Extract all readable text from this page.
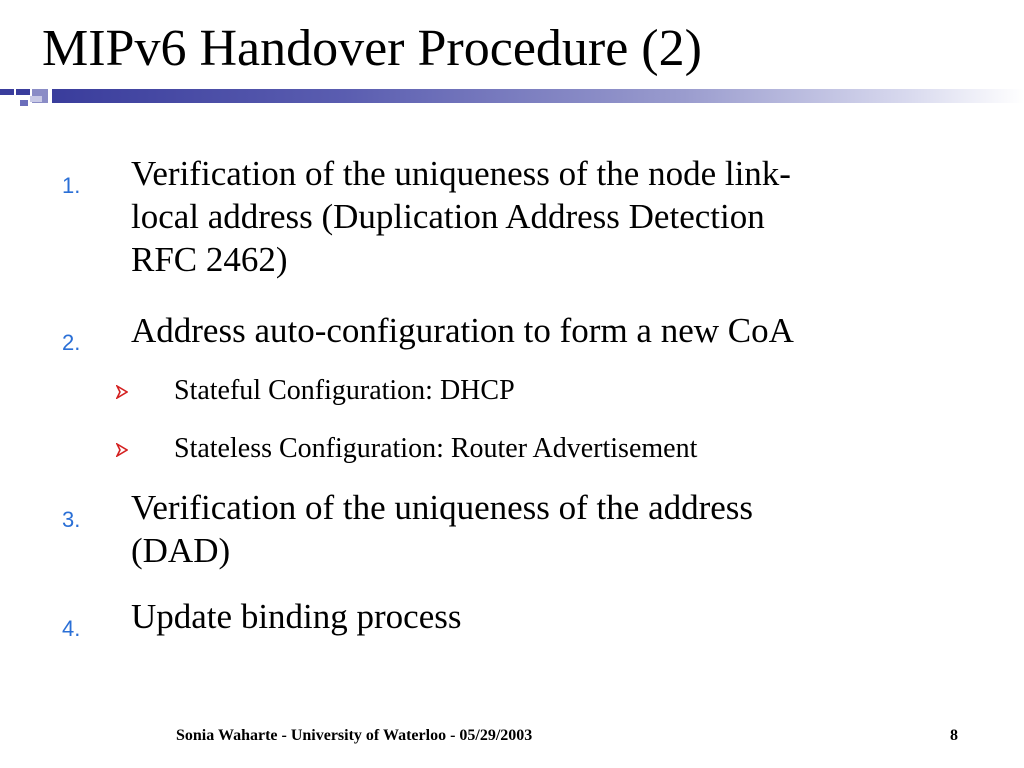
MIPv6 Handover Procedure (2)
1. Verification of the uniqueness of the node link-
local address (Duplication Address Detection
RFC 2462)
2. Address auto-configuration to form a new CoA
Stateful Configuration: DHCP
Stateless Configuration: Router Advertisement
3. Verification of the uniqueness of the address
(DAD)
4. Update binding process
Sonia Waharte - University of Waterloo - 05/29/2003	8
